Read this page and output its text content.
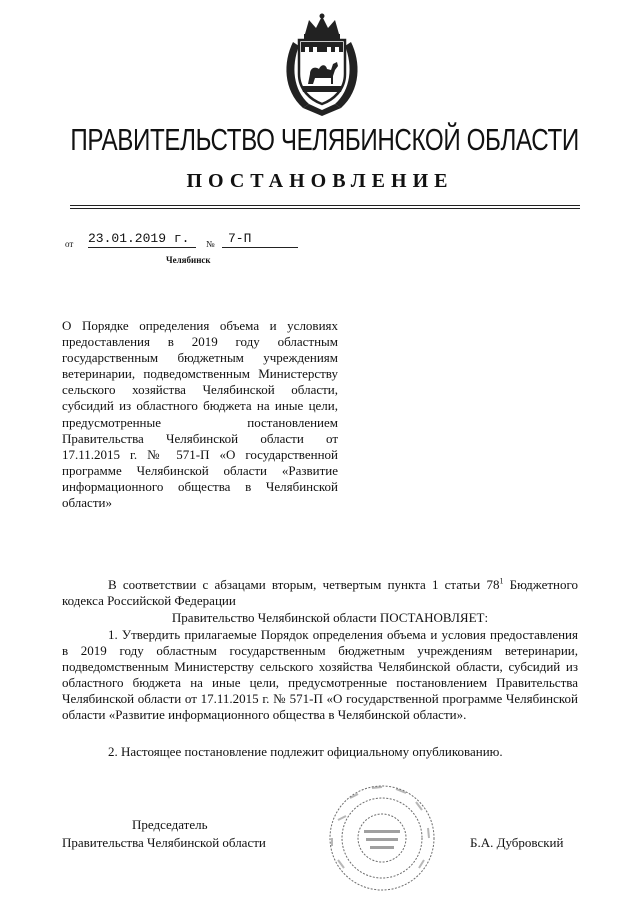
ПРАВИТЕЛЬСТВО ЧЕЛЯБИНСКОЙ ОБЛАСТИ
ПОСТАНОВЛЕНИЕ
от 23.01.2019 г.	№	7-П
Челябинск
О Порядке определения объема и условиях предоставления в 2019 году областным государственным бюджетным учреждениям ветеринарии, подведомственным Министерству сельского хозяйства Челябинской области, субсидий из областного бюджета на иные цели, предусмотренные постановлением Правительства Челябинской области от 17.11.2015 г. № 571-П «О государственной программе Челябинской области «Развитие информационного общества в Челябинской области»
В соответствии с абзацами вторым, четвертым пункта 1 статьи $78^1$ Бюджетного кодекса Российской Федерации
Правительство Челябинской области ПОСТАНОВЛЯЕТ:
1. Утвердить прилагаемые Порядок определения объема и условия предоставления в 2019 году областным государственным бюджетным учреждениям ветеринарии, подведомственным Министерству сельского хозяйства Челябинской области, субсидий из областного бюджета на иные цели, предусмотренные постановлением Правительства Челябинской области от 17.11.2015 г. № 571-П «О государственной программе Челябинской области «Развитие информационного общества в Челябинской области».
2. Настоящее постановление подлежит официальному опубликованию.
Председатель
Правительства Челябинской области	Б.А. Дубровский
